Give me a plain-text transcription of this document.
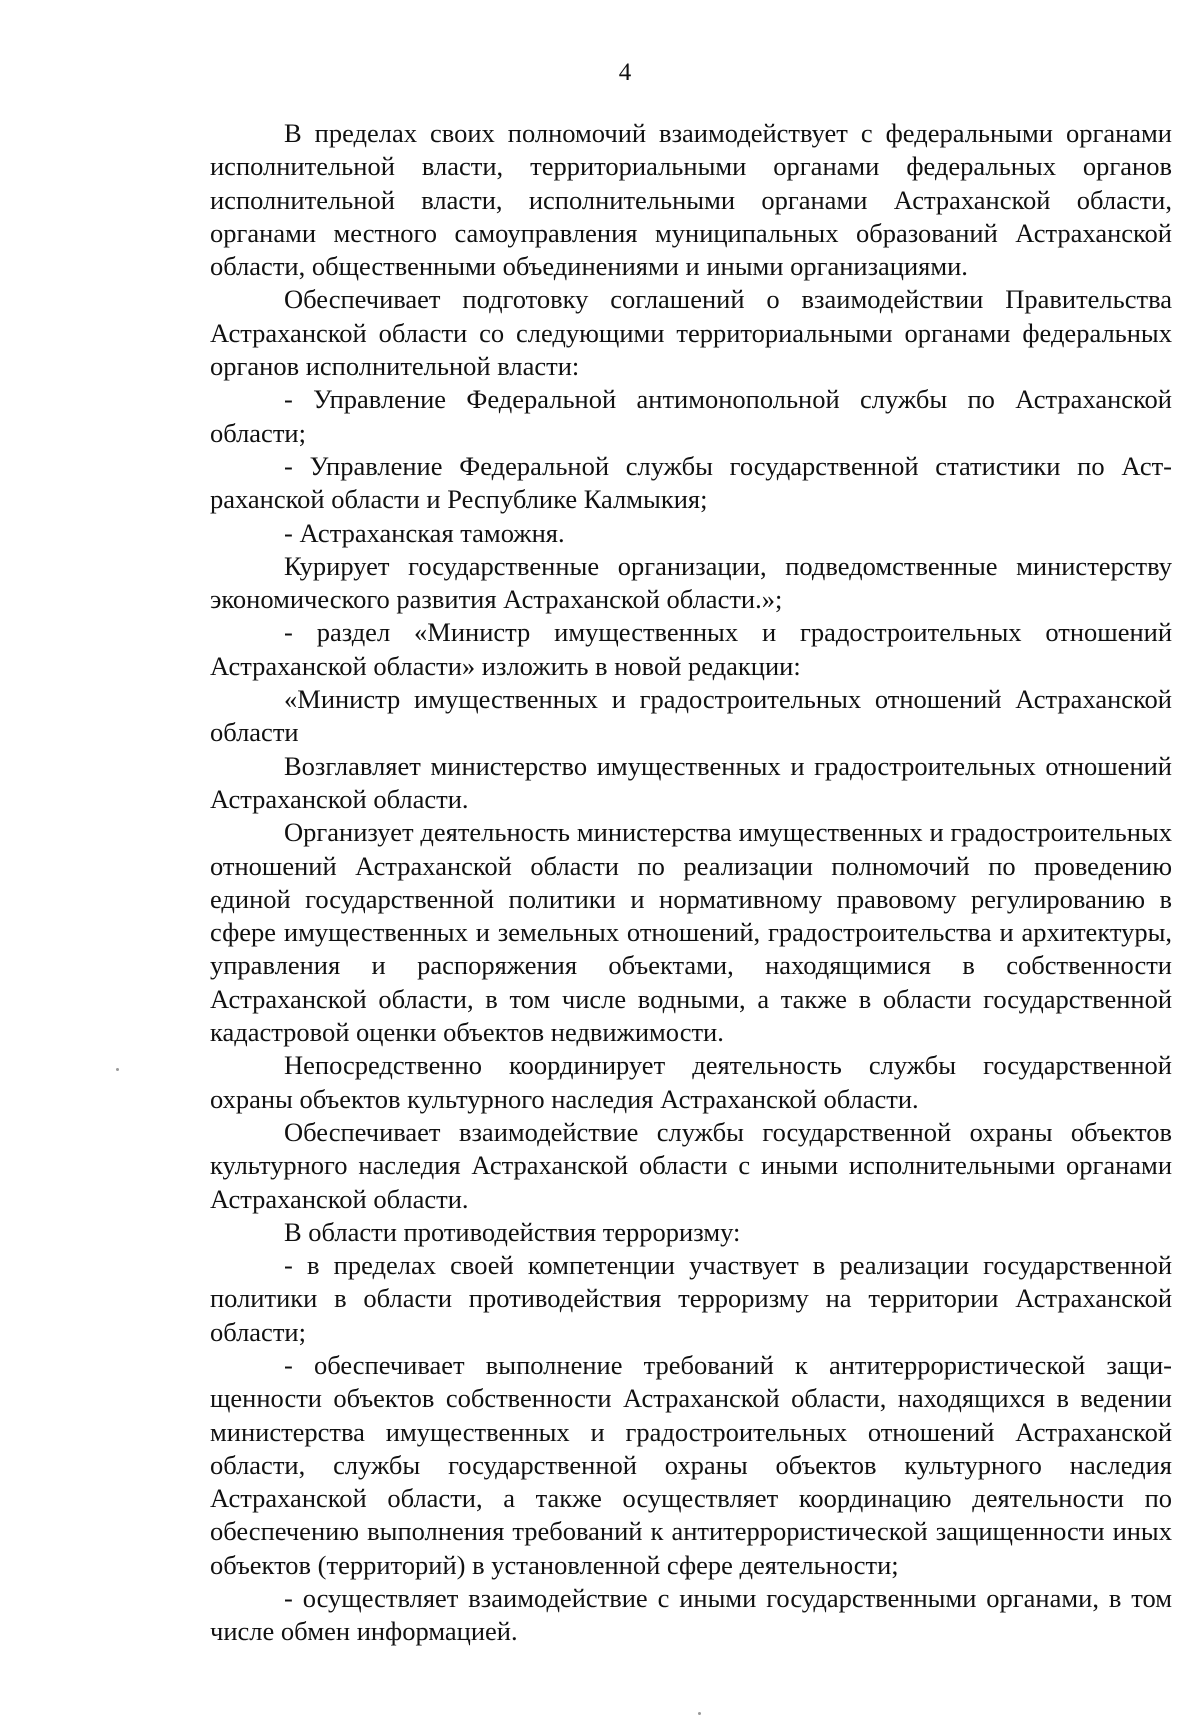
4

В пределах своих полномочий взаимодействует с федеральными органами исполнительной власти, территориальными органами федеральных органов исполнительной власти, исполнительными органами Астраханской области, органами местного самоуправления муниципальных образований Астраханской области, общественными объединениями и иными организациями.

Обеспечивает подготовку соглашений о взаимодействии Правительства Астраханской области со следующими территориальными органами федеральных органов исполнительной власти:

- Управление Федеральной антимонопольной службы по Астраханской области;

- Управление Федеральной службы государственной статистики по Астраханской области и Республике Калмыкия;

- Астраханская таможня.

Курирует государственные организации, подведомственные министерству экономического развития Астраханской области.»;

- раздел «Министр имущественных и градостроительных отношений Астраханской области» изложить в новой редакции:

«Министр имущественных и градостроительных отношений Астраханской области

Возглавляет министерство имущественных и градостроительных отношений Астраханской области.

Организует деятельность министерства имущественных и градостроительных отношений Астраханской области по реализации полномочий по проведению единой государственной политики и нормативному правовому регулированию в сфере имущественных и земельных отношений, градостроительства и архитектуры, управления и распоряжения объектами, находящимися в собственности Астраханской области, в том числе водными, а также в области государственной кадастровой оценки объектов недвижимости.

Непосредственно координирует деятельность службы государственной охраны объектов культурного наследия Астраханской области.

Обеспечивает взаимодействие службы государственной охраны объектов культурного наследия Астраханской области с иными исполнительными органами Астраханской области.

В области противодействия терроризму:

- в пределах своей компетенции участвует в реализации государственной политики в области противодействия терроризму на территории Астраханской области;

- обеспечивает выполнение требований к антитеррористической защищенности объектов собственности Астраханской области, находящихся в ведении министерства имущественных и градостроительных отношений Астраханской области, службы государственной охраны объектов культурного наследия Астраханской области, а также осуществляет координацию деятельности по обеспечению выполнения требований к антитеррористической защищенности иных объектов (территорий) в установленной сфере деятельности;

- осуществляет взаимодействие с иными государственными органами, в том числе обмен информацией.
